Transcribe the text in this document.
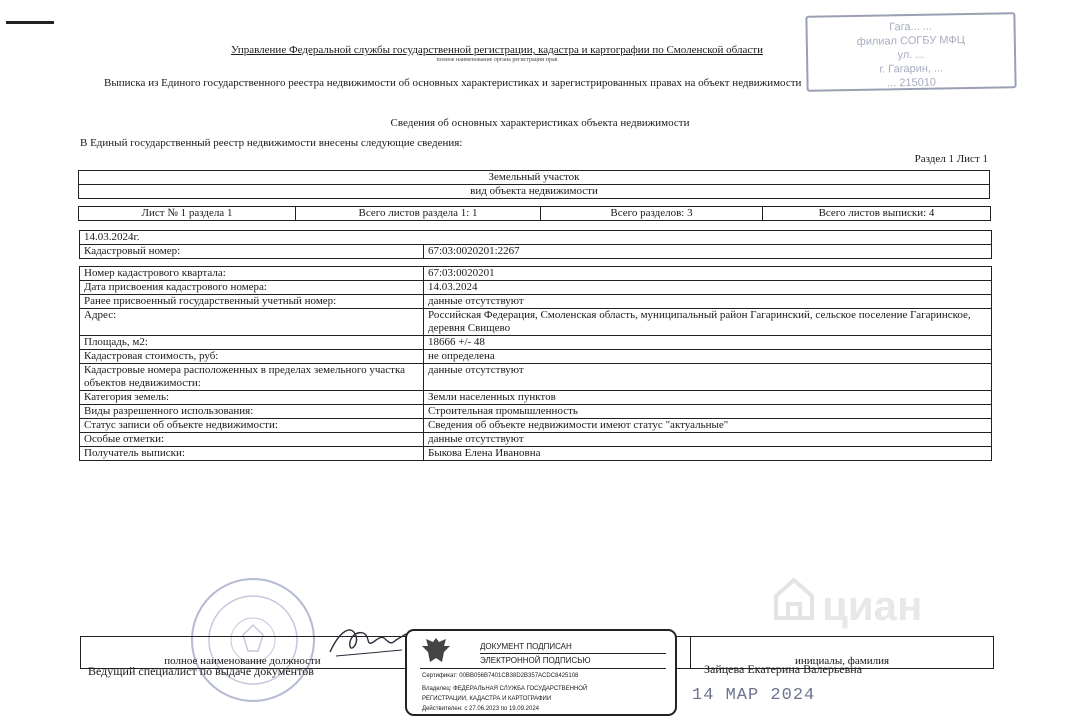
Гага... ...
филиал СОГБУ МФЦ
ул. ...
г. Гагарин, ...
... 215010
Управление Федеральной службы государственной регистрации, кадастра и картографии по Смоленской области
полное наименование органа регистрации прав
Выписка из Единого государственного реестра недвижимости об основных характеристиках и зарегистрированных правах на объект недвижимости
Сведения об основных характеристиках объекта недвижимости
В Единый государственный реестр недвижимости внесены следующие сведения:
Раздел 1 Лист 1
Земельный участок
вид объекта недвижимости
Лист № 1 раздела 1	Всего листов раздела 1: 1	Всего разделов: 3	Всего листов выписки: 4
14.03.2024г.
Кадастровый номер:	67:03:0020201:2267
Номер кадастрового квартала:	67:03:0020201
Дата присвоения кадастрового номера:	14.03.2024
Ранее присвоенный государственный учетный номер:	данные отсутствуют
Адрес:	Российская Федерация, Смоленская область, муниципальный район Гагаринский, сельское поселение Гагаринское, деревня Свищево
Площадь, м2:	18666 +/- 48
Кадастровая стоимость, руб:	не определена
Кадастровые номера расположенных в пределах земельного участка объектов недвижимости:	данные отсутствуют
Категория земель:	Земли населенных пунктов
Виды разрешенного использования:	Строительная промышленность
Статус записи об объекте недвижимости:	Сведения об объекте недвижимости имеют статус "актуальные"
Особые отметки:	данные отсутствуют
Получатель выписки:	Быкова Елена Ивановна
циан
полное наименование должности	инициалы, фамилия
Ведущий специалист по выдаче документов	Зайцева Екатерина Валерьевна
ДОКУМЕНТ ПОДПИСАН
ЭЛЕКТРОННОЙ ПОДПИСЬЮ
Сертификат: 00BB056B7401CB38D2B357ACDC8425108
Владелец: ФЕДЕРАЛЬНАЯ СЛУЖБА ГОСУДАРСТВЕННОЙ
РЕГИСТРАЦИИ, КАДАСТРА И КАРТОГРАФИИ
Действителен: с 27.06.2023 по 19.09.2024
14 МАР 2024
